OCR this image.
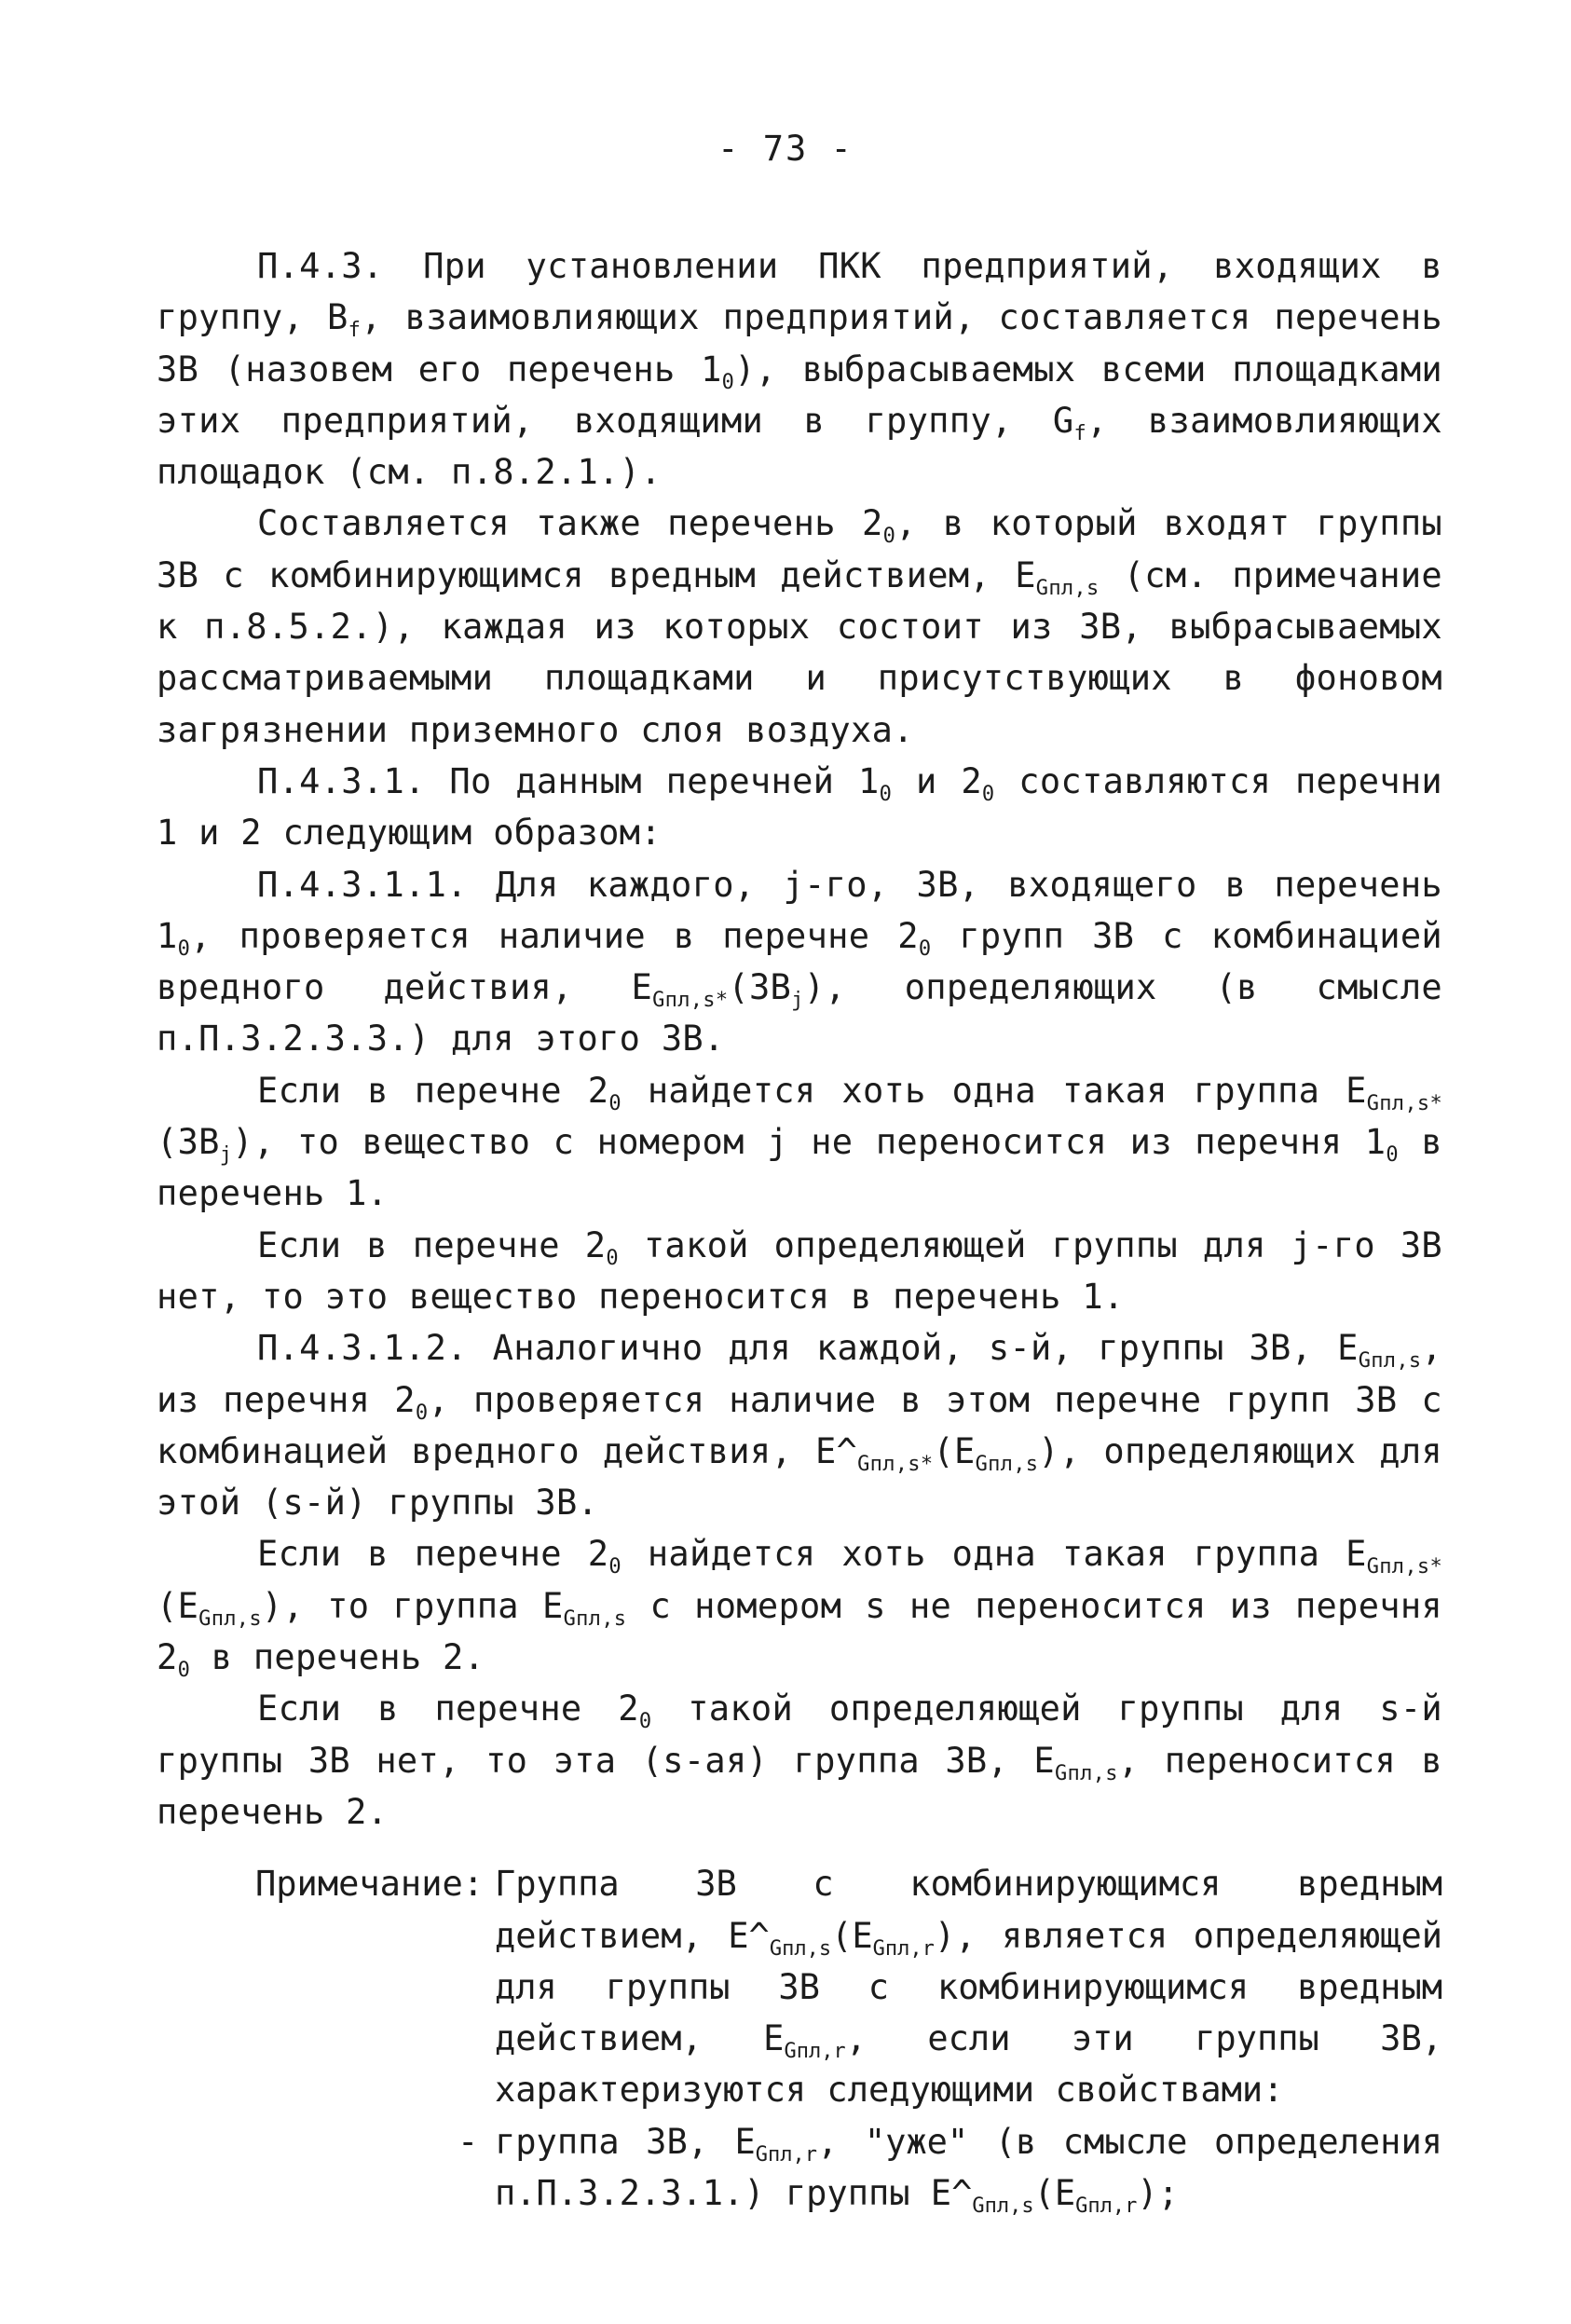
- 73 -

П.4.3. При установлении ПКК предприятий, входящих в группу, $B_f$, взаимовлияющих предприятий, составляется перечень ЗВ (назовем его перечень $1_0$), выбрасываемых всеми площадками этих предприятий, входящими в группу, $G_f$, взаимовлияющих площадок (см. п.8.2.1.).

Составляется также перечень $2_0$, в который входят группы ЗВ с комбинирующимся вредным действием, $E_{Gпл,s}$ (см. примечание к п.8.5.2.), каждая из которых состоит из ЗВ, выбрасываемых рассматриваемыми площадками и присутствующих в фоновом загрязнении приземного слоя воздуха.

П.4.3.1. По данным перечней $1_0$ и $2_0$ составляются перечни 1 и 2 следующим образом:

П.4.3.1.1. Для каждого, j-го, ЗВ, входящего в перечень $1_0$, проверяется наличие в перечне $2_0$ групп ЗВ с комбинацией вредного действия, $E_{Gпл,s*}(ЗВ_j)$, определяющих (в смысле п.П.3.2.3.3.) для этого ЗВ.

Если в перечне $2_0$ найдется хоть одна такая группа $E_{Gпл,s*}(ЗВ_j)$, то вещество с номером j не переносится из перечня $1_0$ в перечень 1.

Если в перечне $2_0$ такой определяющей группы для j-го ЗВ нет, то это вещество переносится в перечень 1.

П.4.3.1.2. Аналогично для каждой, s-й, группы ЗВ, $E_{Gпл,s}$, из перечня $2_0$, проверяется наличие в этом перечне групп ЗВ с комбинацией вредного действия, $E\^{}_{Gпл,s*}(E_{Gпл,s})$, определяющих для этой (s-й) группы ЗВ.

Если в перечне $2_0$ найдется хоть одна такая группа $E_{Gпл,s*}(E_{Gпл,s})$, то группа $E_{Gпл,s}$ с номером s не переносится из перечня $2_0$ в перечень 2.

Если в перечне $2_0$ такой определяющей группы для s-й группы ЗВ нет, то эта (s-ая) группа ЗВ, $E_{Gпл,s}$, переносится в перечень 2.

Примечание: Группа ЗВ с комбинирующимся вредным действием, $E\^{}_{Gпл,s}(E_{Gпл,r})$, является определяющей для группы ЗВ с комбинирующимся вредным действием, $E_{Gпл,r}$, если эти группы ЗВ, характеризуются следующими свойствами:
- группа ЗВ, $E_{Gпл,r}$, "уже" (в смысле определения п.П.3.2.3.1.) группы $E\^{}_{Gпл,s}(E_{Gпл,r})$;
